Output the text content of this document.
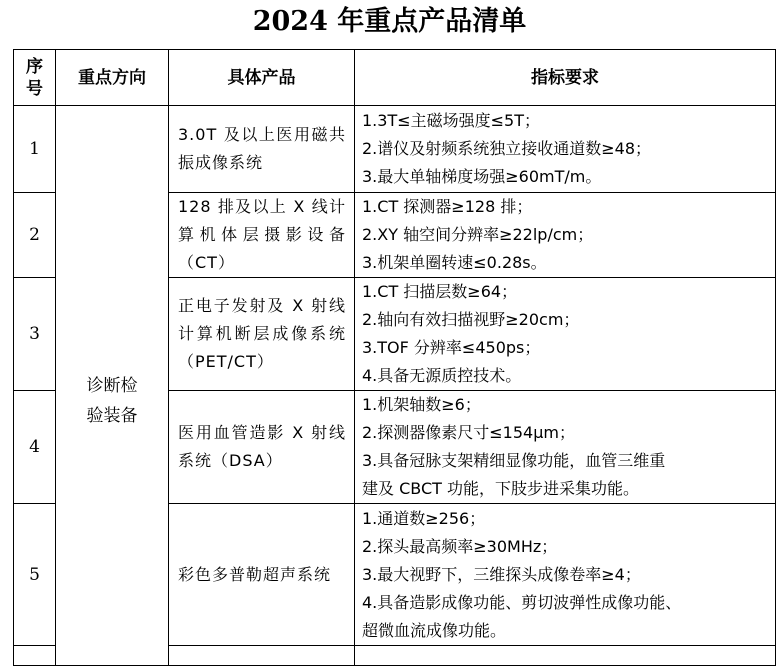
2024 年重点产品清单
序号	重点方向	具体产品	指标要求
1	诊断检验装备	3.0T 及以上医用磁共振成像系统	1.3T≤主磁场强度≤5T；
2.谱仪及射频系统独立接收通道数≥48；
3.最大单轴梯度场强≥60mT/m。

2		128 排及以上 X 线计算机体层摄影设备（CT）	1.CT 探测器≥128 排；
2.XY 轴空间分辨率≥22lp/cm；
3.机架单圈转速≤0.28s。

3		正电子发射及 X 射线计算机断层成像系统（PET/CT）	1.CT 扫描层数≥64；
2.轴向有效扫描视野≥20cm；
3.TOF 分辨率≤450ps；
4.具备无源质控技术。

4		医用血管造影 X 射线系统（DSA）	1.机架轴数≥6；
2.探测器像素尺寸≤154μm；
3.具备冠脉支架精细显像功能，血管三维重
建及 CBCT 功能，下肢步进采集功能。

5		彩色多普勒超声系统	1.通道数≥256；
2.探头最高频率≥30MHz；
3.最大视野下，三维探头成像卷率≥4；
4.具备造影成像功能、剪切波弹性成像功能、
超微血流成像功能。
